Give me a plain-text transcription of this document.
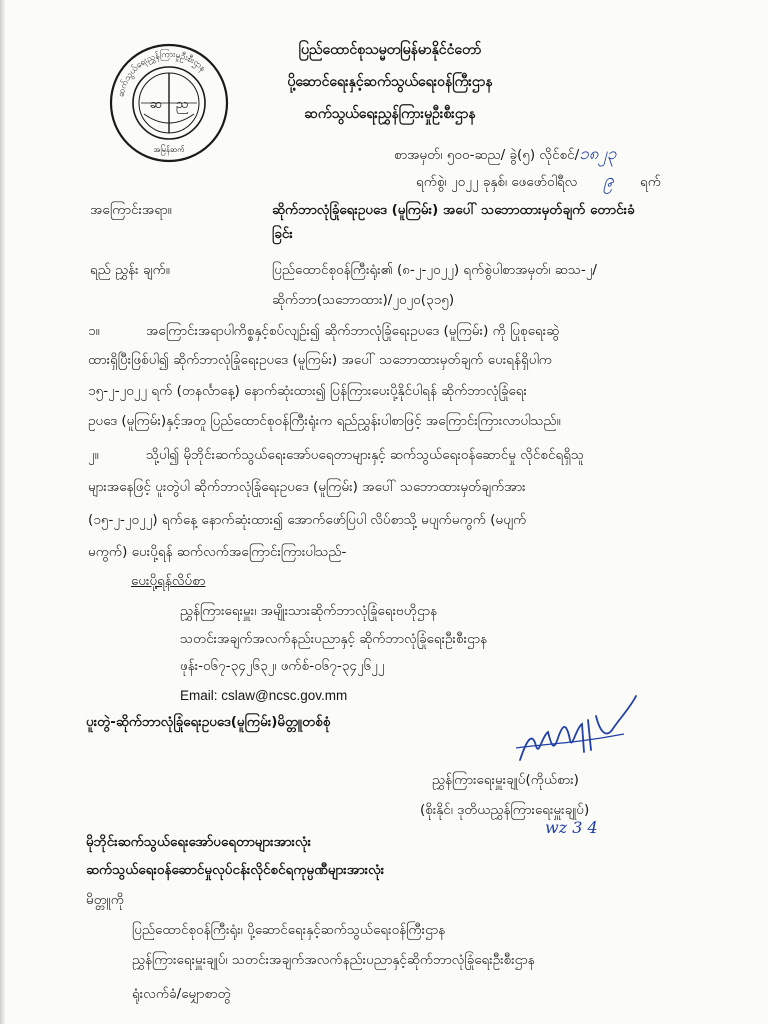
ဆက်သွယ်ရေးညွှန်ကြားမှုဦးစီးဌာန
ဆ ည
အမြန်ဆက်
ပြည်ထောင်စုသမ္မတမြန်မာနိုင်ငံတော်
ပို့ဆောင်ရေးနှင့်ဆက်သွယ်ရေးဝန်ကြီးဌာန
ဆက်သွယ်ရေးညွှန်ကြားမှုဦးစီးဌာန
စာအမှတ်၊ ၅၀၀-ဆည/ ခွဲ(၅) လိုင်စင်/၁၈၂၃
ရက်စွဲ၊ ၂၀၂၂ ခုနှစ်၊ ဖေဖော်ဝါရီလ ၉ ရက်
အကြောင်းအရာ။	ဆိုက်ဘာလုံခြုံရေးဥပဒေ (မူကြမ်း) အပေါ် သဘောထားမှတ်ချက် တောင်းခံ
ခြင်း
ရည် ညွှန်း ချက်။	ပြည်ထောင်စုဝန်ကြီးရုံး၏ (၈-၂-၂၀၂၂) ရက်စွဲပါစာအမှတ်၊ ဆသ-၂/
ဆိုက်ဘာ(သဘောထား)/၂၀၂၀(၃၁၅)
၁။	အကြောင်းအရာပါကိစ္စနှင့်စပ်လျဉ်း၍ ဆိုက်ဘာလုံခြုံရေးဥပဒေ (မူကြမ်း) ကို ပြုစုရေးဆွဲ
ထားရှိပြီးဖြစ်ပါ၍ ဆိုက်ဘာလုံခြုံရေးဥပဒေ (မူကြမ်း) အပေါ် သဘောထားမှတ်ချက် ပေးရန်ရှိပါက
၁၅-၂-၂၀၂၂ ရက် (တနင်္လာနေ့) နောက်ဆုံးထား၍ ပြန်ကြားပေးပို့နိုင်ပါရန် ဆိုက်ဘာလုံခြုံရေး
ဥပဒေ (မူကြမ်း)နှင့်အတူ ပြည်ထောင်စုဝန်ကြီးရုံးက ရည်ညွှန်းပါစာဖြင့် အကြောင်းကြားလာပါသည်။
၂။	သို့ပါ၍ မိုဘိုင်းဆက်သွယ်ရေးအော်ပရေတာများနှင့် ဆက်သွယ်ရေးဝန်ဆောင်မှု လိုင်စင်ရရှိသူ
များအနေဖြင့် ပူးတွဲပါ ဆိုက်ဘာလုံခြုံရေးဥပဒေ (မူကြမ်း) အပေါ် သဘောထားမှတ်ချက်အား
(၁၅-၂-၂၀၂၂) ရက်နေ့ နောက်ဆုံးထား၍ အောက်ဖော်ပြပါ လိပ်စာသို့ မပျက်မကွက် (မပျက်
မကွက်) ပေးပို့ရန် ဆက်လက်အကြောင်းကြားပါသည်-
ပေးပို့ရန်လိပ်စာ
ညွှန်ကြားရေးမှူး၊ အမျိုးသားဆိုက်ဘာလုံခြုံရေးဗဟိုဌာန
သတင်းအချက်အလက်နည်းပညာနှင့် ဆိုက်ဘာလုံခြုံရေးဦးစီးဌာန
ဖုန်း-၀၆၇-၃၄၂၆၃၂၊ ဖက်စ်-၀၆၇-၃၄၂၆၂၂
Email: cslaw@ncsc.gov.mm
ပူးတွဲ-ဆိုက်ဘာလုံခြုံရေးဥပဒေ(မူကြမ်း)မိတ္တူတစ်စုံ
ညွှန်ကြားရေးမှူးချုပ်(ကိုယ်စား)
(စိုးနိုင်၊ ဒုတိယညွှန်ကြားရေးမှူးချုပ်)
wz 3 4
မိုဘိုင်းဆက်သွယ်ရေးအော်ပရေတာများအားလုံး
ဆက်သွယ်ရေးဝန်ဆောင်မှုလုပ်ငန်းလိုင်စင်ရကုမ္ပဏီများအားလုံး
မိတ္တူကို
ပြည်ထောင်စုဝန်ကြီးရုံး၊ ပို့ဆောင်ရေးနှင့်ဆက်သွယ်ရေးဝန်ကြီးဌာန
ညွှန်ကြားရေးမှူးချုပ်၊ သတင်းအချက်အလက်နည်းပညာနှင့်ဆိုက်ဘာလုံခြုံရေးဦးစီးဌာန
ရုံးလက်ခံ/မျှောစာတွဲ
